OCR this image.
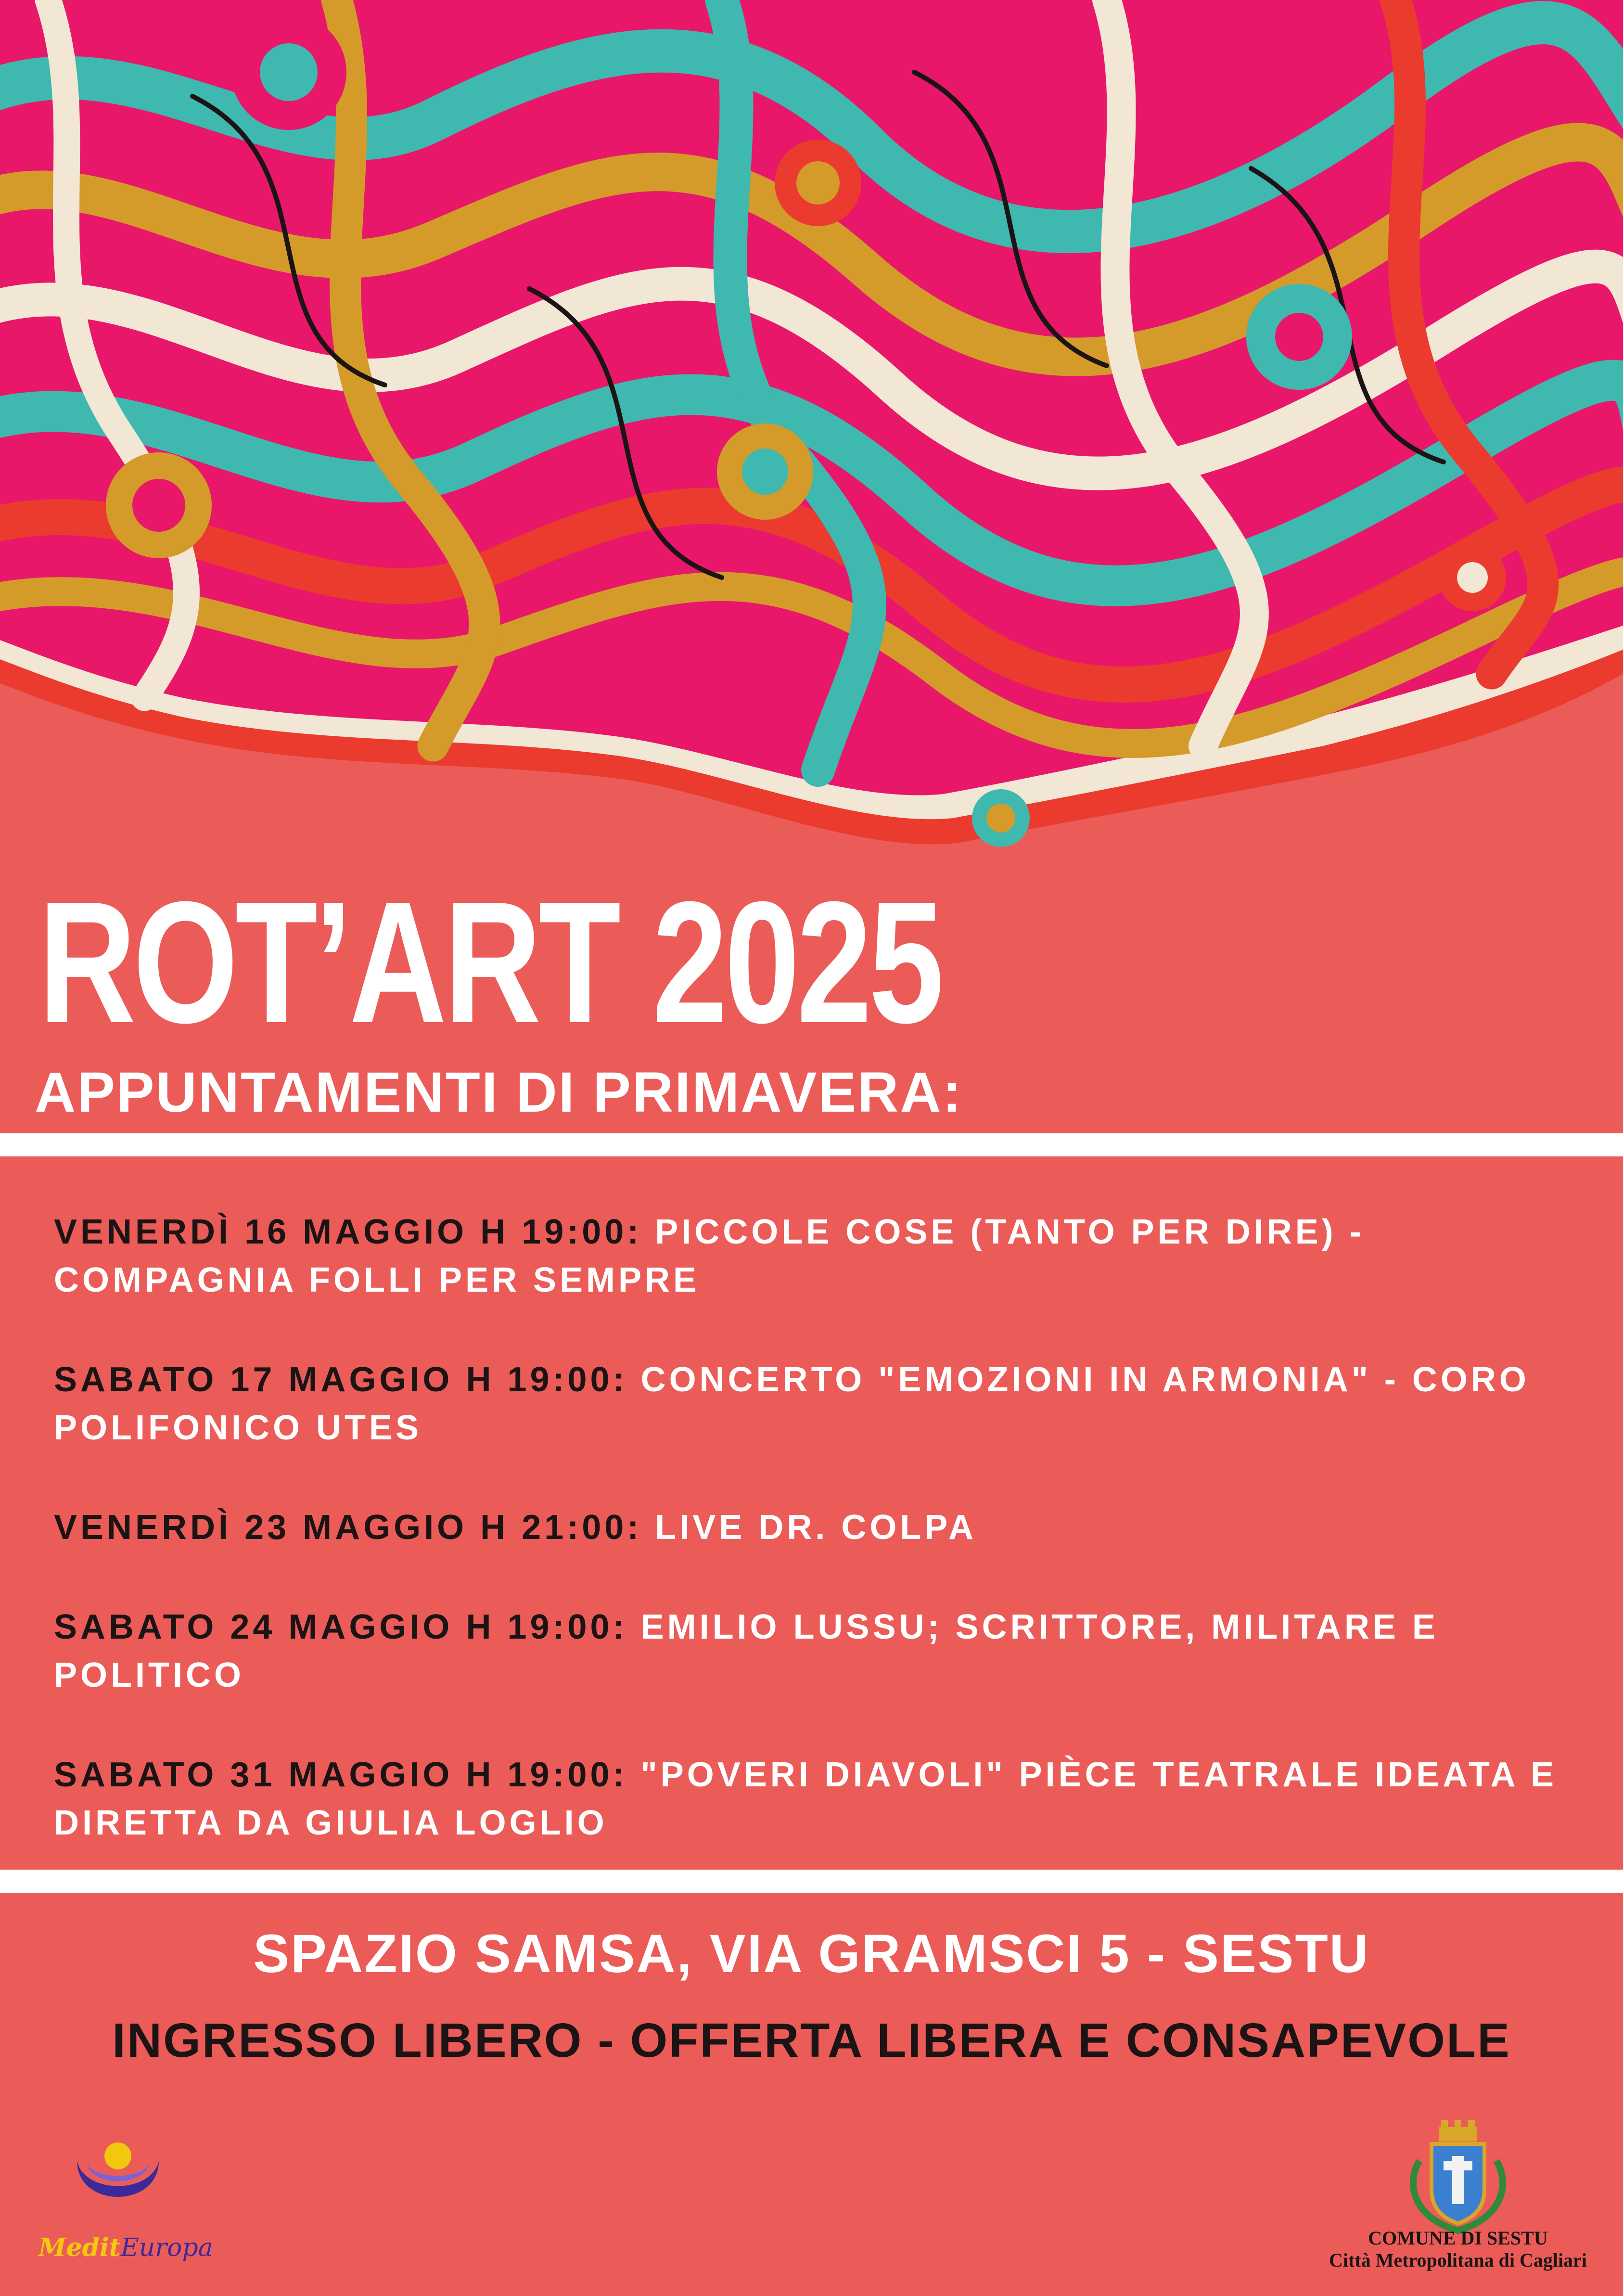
ROT’ART 2025
APPUNTAMENTI DI PRIMAVERA:
VENERDÌ 16 MAGGIO H 19:00: PICCOLE COSE (TANTO PER DIRE) - COMPAGNIA FOLLI PER SEMPRE
SABATO 17 MAGGIO H 19:00: CONCERTO "EMOZIONI IN ARMONIA" - CORO POLIFONICO UTES
VENERDÌ 23 MAGGIO H 21:00: LIVE DR. COLPA
SABATO 24 MAGGIO H 19:00: EMILIO LUSSU; SCRITTORE, MILITARE E POLITICO
SABATO 31 MAGGIO H 19:00: "POVERI DIAVOLI" PIÈCE TEATRALE IDEATA E DIRETTA DA GIULIA LOGLIO
SPAZIO SAMSA, VIA GRAMSCI 5 - SESTU
INGRESSO LIBERO - OFFERTA LIBERA E CONSAPEVOLE
MeditEuropa	COMUNE DI SESTU
Città Metropolitana di Cagliari
